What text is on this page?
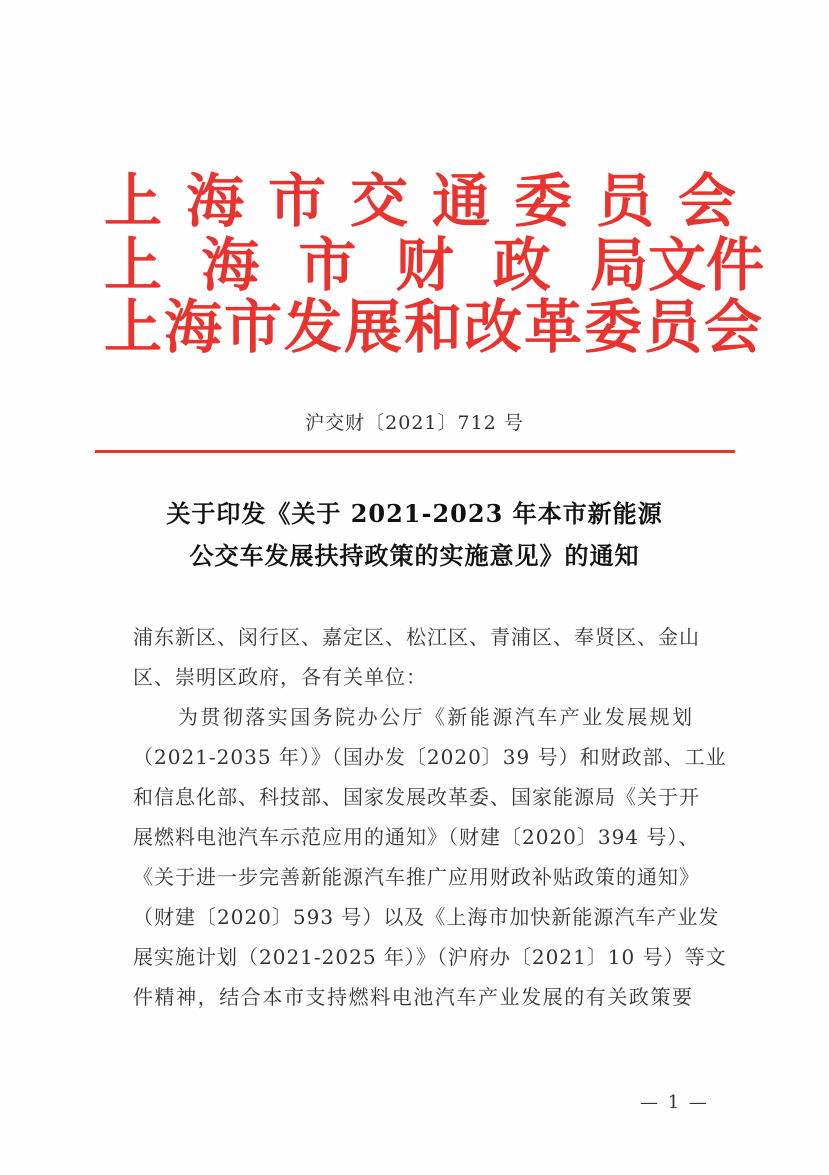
上海市交通委员会
上 海 市 财 政 局文件
上海市发展和改革委员会
沪交财〔2021〕712 号
关于印发《关于 2021-2023 年本市新能源
公交车发展扶持政策的实施意见》的通知
浦东新区、闵行区、嘉定区、松江区、青浦区、奉贤区、金山
区、崇明区政府，各有关单位：
　　为贯彻落实国务院办公厅《新能源汽车产业发展规划
（2021-2035 年）》（国办发〔2020〕39 号）和财政部、工业
和信息化部、科技部、国家发展改革委、国家能源局《关于开
展燃料电池汽车示范应用的通知》（财建〔2020〕394 号）、
《关于进一步完善新能源汽车推广应用财政补贴政策的通知》
（财建〔2020〕593 号）以及《上海市加快新能源汽车产业发
展实施计划（2021-2025 年）》（沪府办〔2021〕10 号）等文
件精神，结合本市支持燃料电池汽车产业发展的有关政策要
— 1 —
